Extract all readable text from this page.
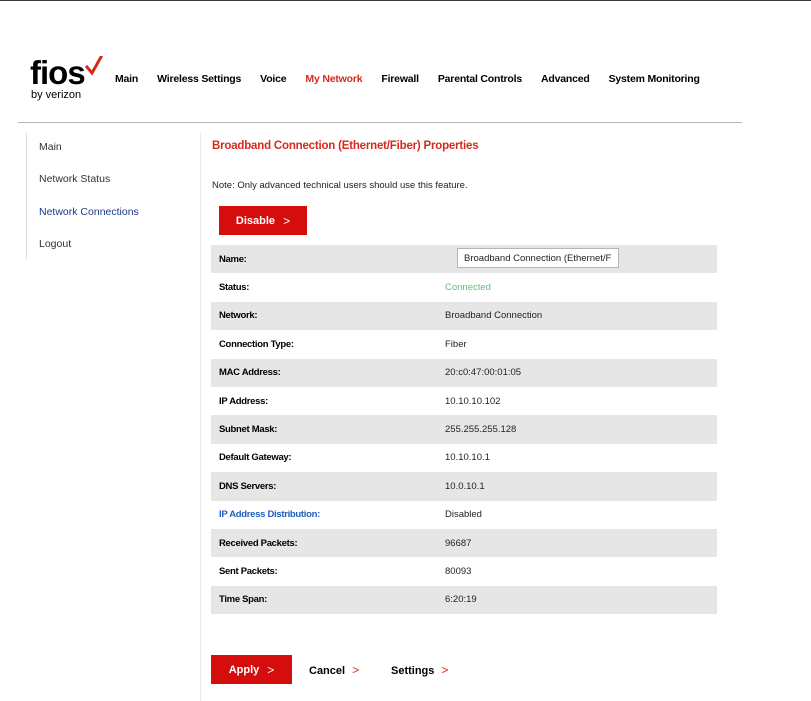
fios
by verizon
Main Wireless Settings Voice My Network Firewall Parental Controls Advanced System Monitoring
Main
Network Status
Network Connections
Logout
Broadband Connection (Ethernet/Fiber) Properties
Note: Only advanced technical users should use this feature.
Disable >
Name:
Broadband Connection (Ethernet/Fiber)
Status:	Connected
Network:	Broadband Connection
Connection Type:	Fiber
MAC Address:	20:c0:47:00:01:05
IP Address:	10.10.10.102
Subnet Mask:	255.255.255.128
Default Gateway:	10.10.10.1
DNS Servers:	10.0.10.1
IP Address Distribution:	Disabled
Received Packets:	96687
Sent Packets:	80093
Time Span:	6:20:19
Apply >	Cancel >	Settings >
